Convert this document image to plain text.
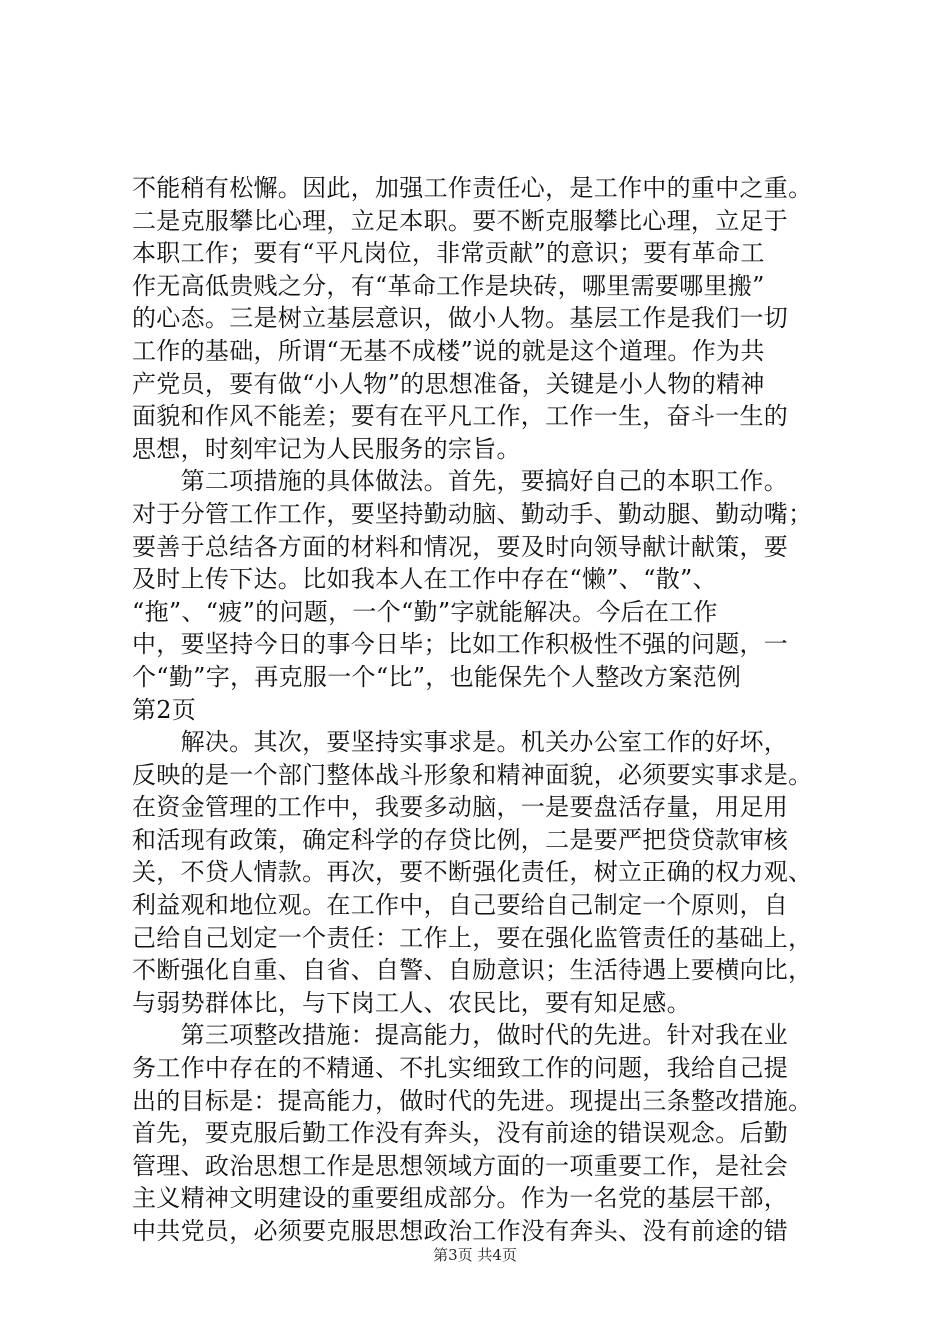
不能稍有松懈。因此，加强工作责任心，是工作中的重中之重。
二是克服攀比心理，立足本职。要不断克服攀比心理，立足于
本职工作；要有“平凡岗位，非常贡献”的意识；要有革命工
作无高低贵贱之分，有“革命工作是块砖，哪里需要哪里搬”
的心态。三是树立基层意识，做小人物。基层工作是我们一切
工作的基础，所谓“无基不成楼”说的就是这个道理。作为共
产党员，要有做“小人物”的思想准备，关键是小人物的精神
面貌和作风不能差；要有在平凡工作，工作一生，奋斗一生的
思想，时刻牢记为人民服务的宗旨。
　　第二项措施的具体做法。首先，要搞好自己的本职工作。
对于分管工作工作，要坚持勤动脑、勤动手、勤动腿、勤动嘴；
要善于总结各方面的材料和情况，要及时向领导献计献策，要
及时上传下达。比如我本人在工作中存在“懒”、“散”、
“拖”、“疲”的问题，一个“勤”字就能解决。今后在工作
中，要坚持今日的事今日毕；比如工作积极性不强的问题，一
个“勤”字，再克服一个“比”，也能保先个人整改方案范例
第2页
　　解决。其次，要坚持实事求是。机关办公室工作的好坏，
反映的是一个部门整体战斗形象和精神面貌，必须要实事求是。
在资金管理的工作中，我要多动脑，一是要盘活存量，用足用
和活现有政策，确定科学的存贷比例，二是要严把贷贷款审核
关，不贷人情款。再次，要不断强化责任，树立正确的权力观、
利益观和地位观。在工作中，自己要给自己制定一个原则，自
己给自己划定一个责任：工作上，要在强化监管责任的基础上，
不断强化自重、自省、自警、自励意识；生活待遇上要横向比，
与弱势群体比，与下岗工人、农民比，要有知足感。
　　第三项整改措施：提高能力，做时代的先进。针对我在业
务工作中存在的不精通、不扎实细致工作的问题，我给自己提
出的目标是：提高能力，做时代的先进。现提出三条整改措施。
首先，要克服后勤工作没有奔头，没有前途的错误观念。后勤
管理、政治思想工作是思想领域方面的一项重要工作，是社会
主义精神文明建设的重要组成部分。作为一名党的基层干部，
中共党员，必须要克服思想政治工作没有奔头、没有前途的错
第3页 共4页
